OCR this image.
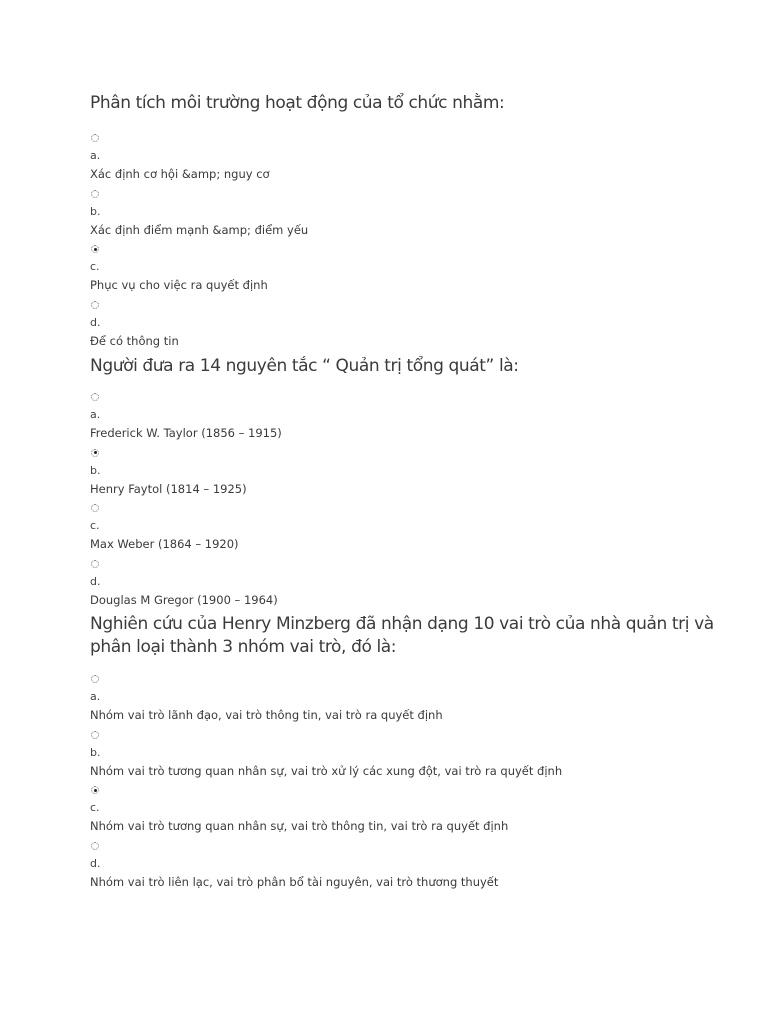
Phân tích môi trường hoạt động của tổ chức nhằm:
a.
Xác định cơ hội &amp; nguy cơ
b.
Xác định điểm mạnh &amp; điểm yếu
c.
Phục vụ cho việc ra quyết định
d.
Để có thông tin
Người đưa ra 14 nguyên tắc “ Quản trị tổng quát” là:
a.
Frederick W. Taylor (1856 – 1915)
b.
Henry Faytol (1814 – 1925)
c.
Max Weber (1864 – 1920)
d.
Douglas M Gregor (1900 – 1964)
Nghiên cứu của Henry Minzberg đã nhận dạng 10 vai trò của nhà quản trị và phân loại thành 3 nhóm vai trò, đó là:
a.
Nhóm vai trò lãnh đạo, vai trò thông tin, vai trò ra quyết định
b.
Nhóm vai trò tương quan nhân sự, vai trò xử lý các xung đột, vai trò ra quyết định
c.
Nhóm vai trò tương quan nhân sự, vai trò thông tin, vai trò ra quyết định
d.
Nhóm vai trò liên lạc, vai trò phân bổ tài nguyên, vai trò thương thuyết
